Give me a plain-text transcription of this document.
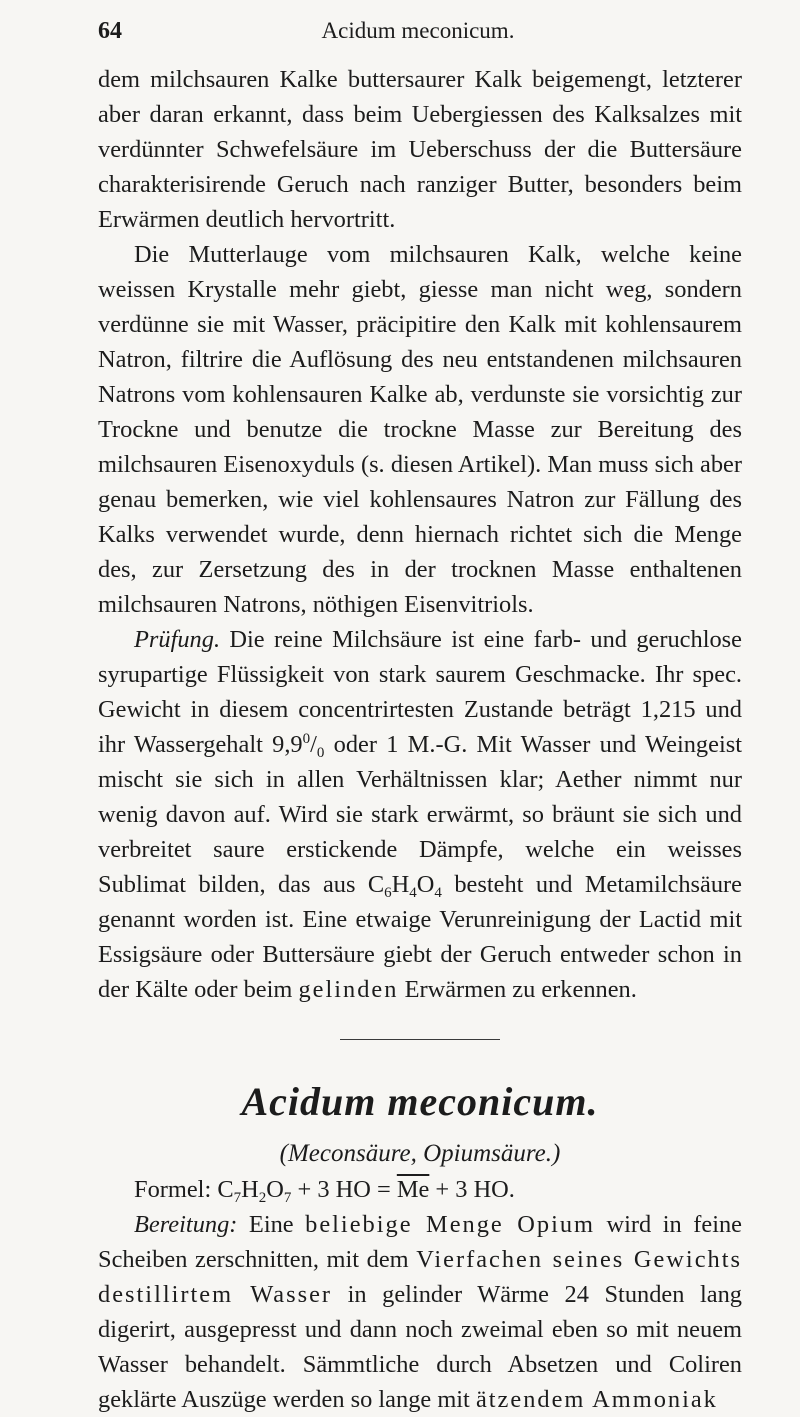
64	Acidum meconicum.

dem milchsauren Kalke buttersaurer Kalk beigemengt, letzterer aber daran erkannt, dass beim Uebergiessen des Kalksalzes mit verdünnter Schwefelsäure im Ueberschuss der die Buttersäure charakterisirende Geruch nach ranziger Butter, besonders beim Erwärmen deutlich hervortritt.

Die Mutterlauge vom milchsauren Kalk, welche keine weissen Krystalle mehr giebt, giesse man nicht weg, sondern verdünne sie mit Wasser, präcipitire den Kalk mit kohlensaurem Natron, filtrire die Auflösung des neu entstandenen milchsauren Natrons vom kohlensauren Kalke ab, verdunste sie vorsichtig zur Trockne und benutze die trockne Masse zur Bereitung des milchsauren Eisenoxyduls (s. diesen Artikel). Man muss sich aber genau bemerken, wie viel kohlensaures Natron zur Fällung des Kalks verwendet wurde, denn hiernach richtet sich die Menge des, zur Zersetzung des in der trocknen Masse enthaltenen milchsauren Natrons, nöthigen Eisenvitriols.

Prüfung. Die reine Milchsäure ist eine farb- und geruchlose syrupartige Flüssigkeit von stark saurem Geschmacke. Ihr spec. Gewicht in diesem concentrirtesten Zustande beträgt 1,215 und ihr Wassergehalt $9,9^0/_0$ oder 1 M.-G. Mit Wasser und Weingeist mischt sie sich in allen Verhältnissen klar; Aether nimmt nur wenig davon auf. Wird sie stark erwärmt, so bräunt sie sich und verbreitet saure erstickende Dämpfe, welche ein weisses Sublimat bilden, das aus $C_6H_4O_4$ besteht und Metamilchsäure genannt worden ist. Eine etwaige Verunreinigung der Lactid mit Essigsäure oder Buttersäure giebt der Geruch entweder schon in der Kälte oder beim gelinden Erwärmen zu erkennen.

Acidum meconicum.
(Meconsäure, Opiumsäure.)

Formel: $C_7H_2O_7 + 3$ HO = $\overline{Me} + 3$ HO.

Bereitung: Eine beliebige Menge Opium wird in feine Scheiben zerschnitten, mit dem Vierfachen seines Gewichts destillirtem Wasser in gelinder Wärme 24 Stunden lang digerirt, ausgepresst und dann noch zweimal eben so mit neuem Wasser behandelt. Sämmtliche durch Absetzen und Coliren geklärte Auszüge werden so lange mit ätzendem Ammoniak
